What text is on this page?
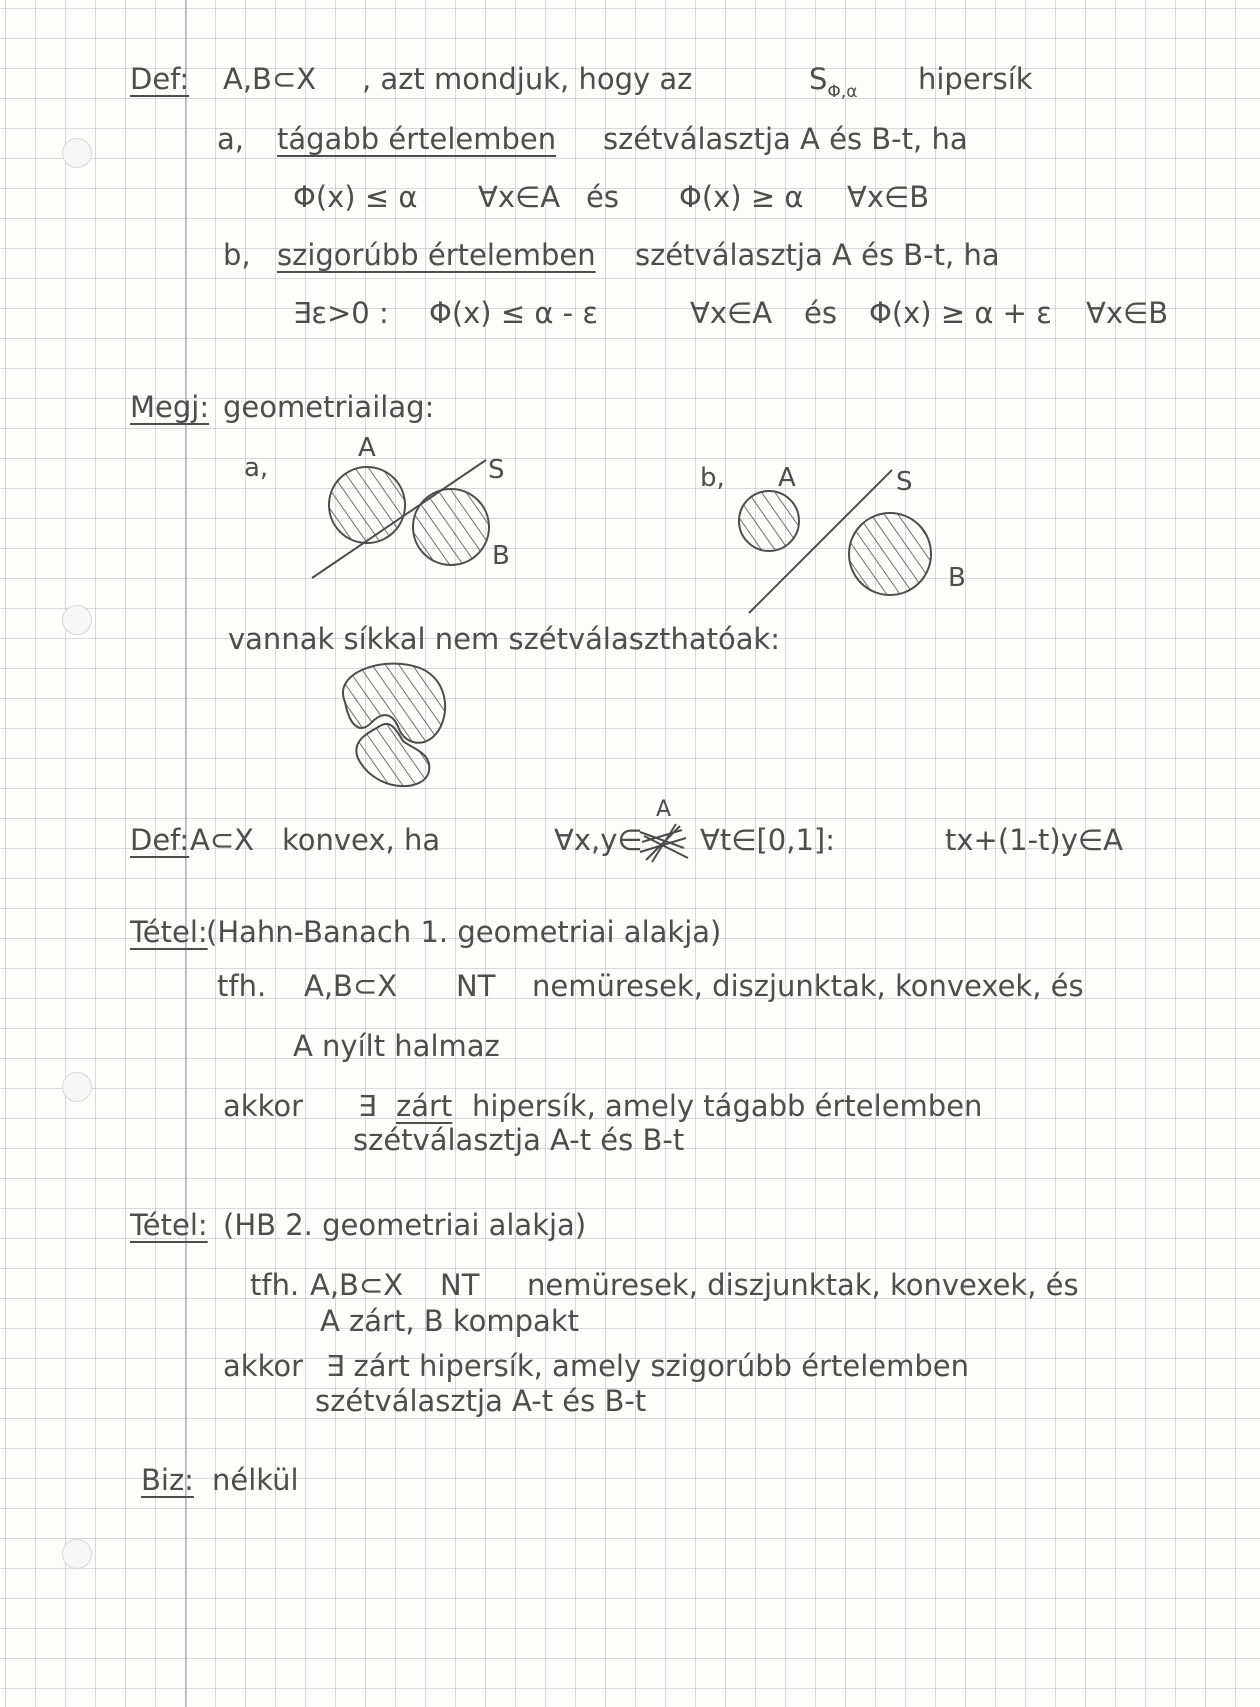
Def: A,B⊂X , azt mondjuk, hogy az	$S_{\Phi,\alpha}$ hipersík
a, tágabb értelemben szétválasztja A és B-t, ha
Φ(x) ≤ α ∀x∈A és Φ(x) ≥ α ∀x∈B
b, szigorúbb értelemben szétválasztja A és B-t, ha
∃ε>0 : Φ(x) ≤ α - ε	∀x∈A és Φ(x) ≥ α + ε ∀x∈B
Megj: geometriailag:
vannak síkkal nem szétválaszthatóak:
Def: A⊂X konvex, ha	∀x,y∈
A
∀t∈[0,1]:	tx+(1-t)y∈A
Tétel:
(Hahn-Banach 1. geometriai alakja)
tfh. A,B⊂X NT nemüresek, diszjunktak, konvexek, és
A nyílt halmaz
akkor ∃ zárt hipersík, amely tágabb értelemben
szétválasztja A-t és B-t
Tétel: (HB 2. geometriai alakja)
tfh. A,B⊂X NT nemüresek, diszjunktak, konvexek, és
A zárt, B kompakt
akkor ∃ zárt hipersík, amely szigorúbb értelemben
szétválasztja A-t és B-t
Biz: nélkül
a,
A
S
B
b, A	S
B
